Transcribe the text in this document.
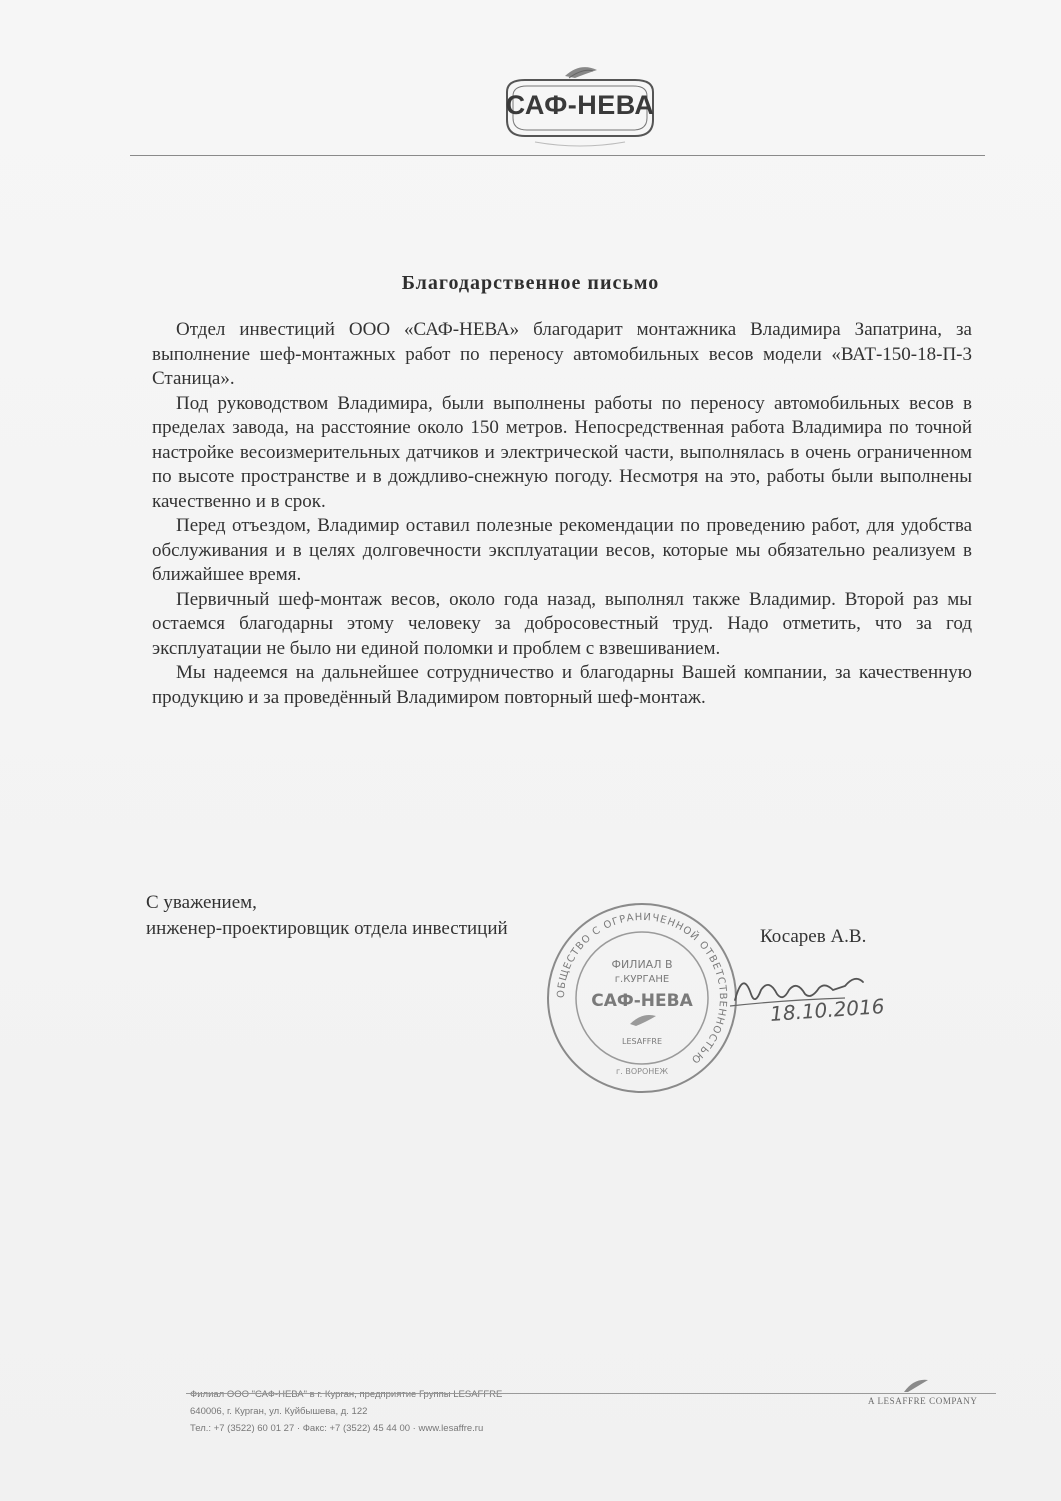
САФ-НЕВА
Благодарственное письмо

Отдел инвестиций ООО «САФ-НЕВА» благодарит монтажника Владимира Запатрина, за выполнение шеф-монтажных работ по переносу автомобильных весов модели «ВАТ-150-18-П-3 Станица».

Под руководством Владимира, были выполнены работы по переносу автомобильных весов в пределах завода, на расстояние около 150 метров. Непосредственная работа Владимира по точной настройке весоизмерительных датчиков и электрической части, выполнялась в очень ограниченном по высоте пространстве и в дождливо-снежную погоду. Несмотря на это, работы были выполнены качественно и в срок.

Перед отъездом, Владимир оставил полезные рекомендации по проведению работ, для удобства обслуживания и в целях долговечности эксплуатации весов, которые мы обязательно реализуем в ближайшее время.

Первичный шеф-монтаж весов, около года назад, выполнял также Владимир. Второй раз мы остаемся благодарны этому человеку за добросовестный труд. Надо отметить, что за год эксплуатации не было ни единой поломки и проблем с взвешиванием.

Мы надеемся на дальнейшее сотрудничество и благодарны Вашей компании, за качественную продукцию и за проведённый Владимиром повторный шеф-монтаж.

С уважением,
инженер-проектировщик отдела инвестиций	Косарев А.В.
ОБЩЕСТВО С ОГРАНИЧЕННОЙ ОТВЕТСТВЕННОСТЬЮ
ФИЛИАЛ В
г.КУРГАНЕ
САФ-НЕВА
LESAFFRE
г. ВОРОНЕЖ
18.10.2016
Филиал ООО "САФ-НЕВА" в г. Курган, предприятие Группы LESAFFRE
640006, г. Курган, ул. Куйбышева, д. 122
Тел.: +7 (3522) 60 01 27 · Факс: +7 (3522) 45 44 00 · www.lesaffre.ru
A LESAFFRE COMPANY
